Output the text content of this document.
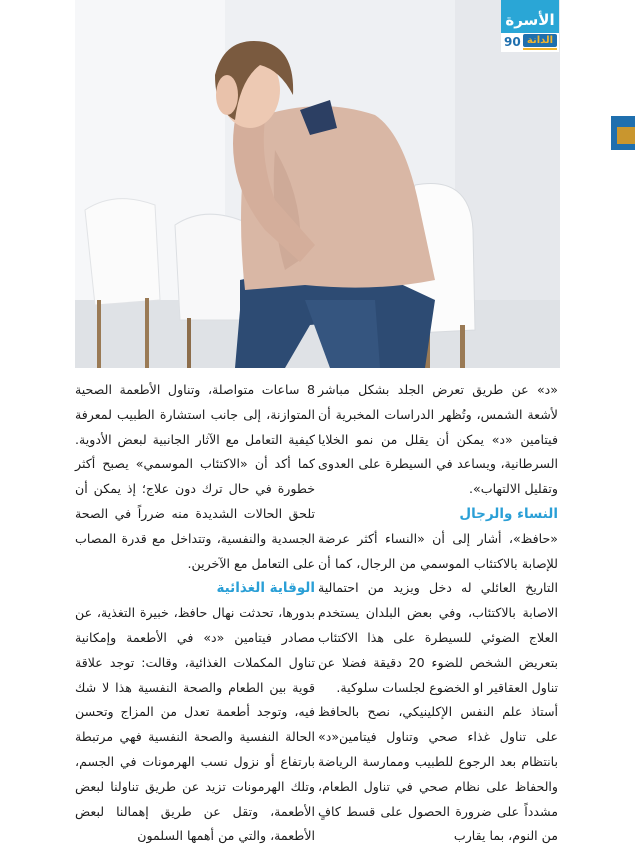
الأسرة
90 الدانة

«د» عن طريق تعرض الجلد بشكل مباشر لأشعة الشمس، وتُظهر الدراسات المخبرية أن فيتامين «د» يمكن أن يقلل من نمو الخلايا السرطانية، ويساعد في السيطرة على العدوى وتقليل الالتهاب».

النساء والرجال

«حافظ»، أشار إلى أن «النساء أكثر عرضة للإصابة بالاكتئاب الموسمي من الرجال، كما أن التاريخ العائلي له دخل ويزيد من احتمالية الاصابة بالاكتئاب، وفي بعض البلدان يستخدم العلاج الضوئي للسيطرة على هذا الاكتئاب بتعريض الشخص للضوء 20 دقيقة فضلا عن تناول العقاقير او الخضوع لجلسات سلوكية.

أستاذ علم النفس الإكلينيكي، نصح بالحافظ على تناول غذاء صحي وتناول فيتامين«د» بانتظام بعد الرجوع للطبيب وممارسة الرياضة والحفاظ على نظام صحي في تناول الطعام، مشدداً على ضرورة الحصول على قسط كافٍ من النوم، بما يقارب

8 ساعات متواصلة، وتناول الأطعمة الصحية المتوازنة، إلى جانب استشارة الطبيب لمعرفة كيفية التعامل مع الآثار الجانبية لبعض الأدوية. كما أكد أن «الاكتئاب الموسمي» يصبح أكثر خطورة في حال ترك دون علاج؛ إذ يمكن أن تلحق الحالات الشديدة منه ضرراً في الصحة الجسدية والنفسية، وتتداخل مع قدرة المصاب على التعامل مع الآخرين.

الوقاية الغذائية

بدورها، تحدثت نهال حافظ، خبيرة التغذية، عن مصادر فيتامين «د» في الأطعمة وإمكانية تناول المكملات الغذائية، وقالت: توجد علاقة قوية بين الطعام والصحة النفسية هذا لا شك فيه، وتوجد أطعمة تعدل من المزاج وتحسن الحالة النفسية والصحة النفسية فهي مرتبطة بارتفاع أو نزول نسب الهرمونات في الجسم، وتلك الهرمونات تزيد عن طريق تناولنا لبعض الأطعمة، وتقل عن طريق إهمالنا لبعض الأطعمة، والتي من أهمها السلمون
